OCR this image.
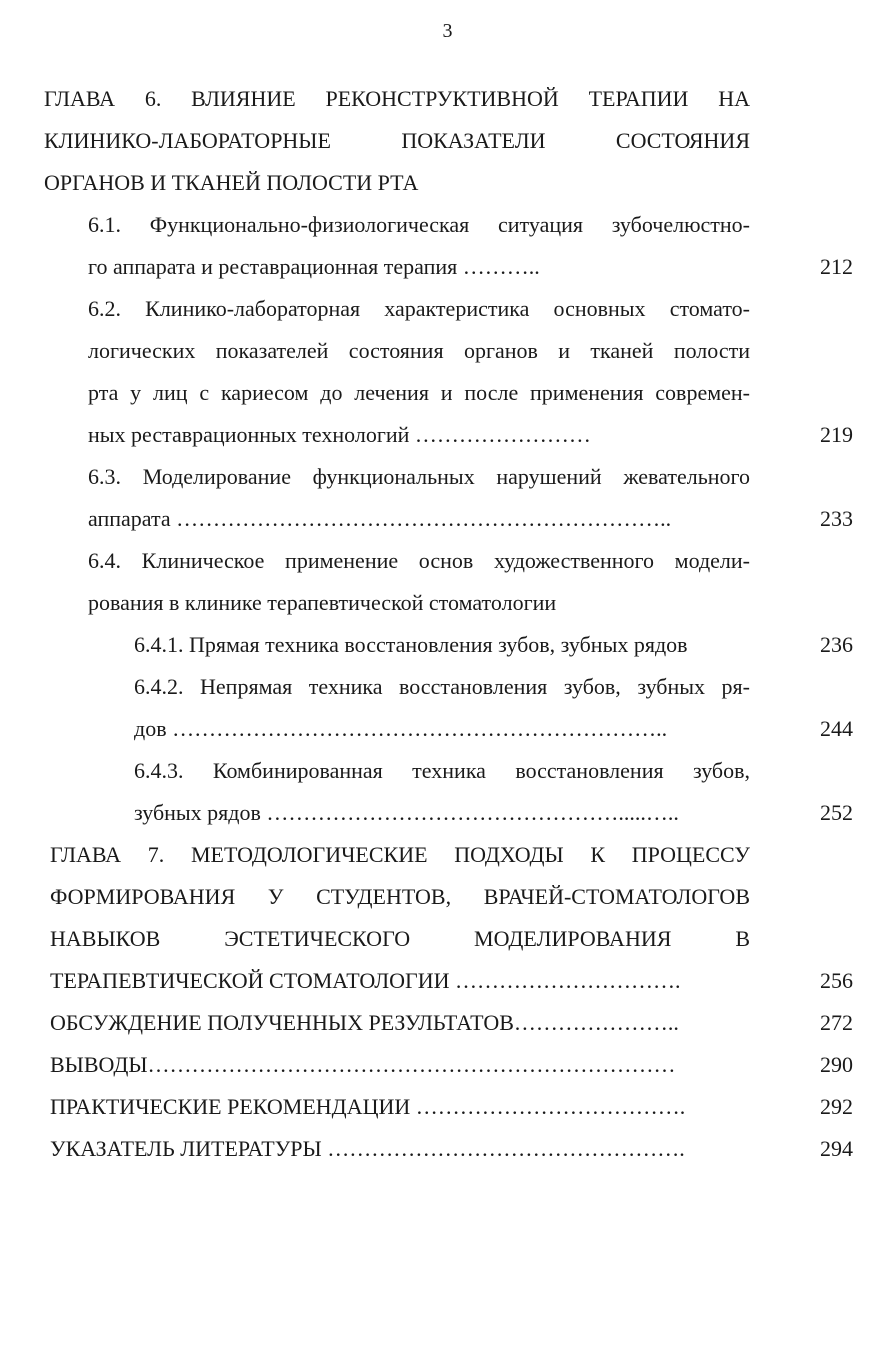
3
ГЛАВА 6. ВЛИЯНИЕ РЕКОНСТРУКТИВНОЙ ТЕРАПИИ НА
КЛИНИКО-ЛАБОРАТОРНЫЕ ПОКАЗАТЕЛИ СОСТОЯНИЯ
ОРГАНОВ И ТКАНЕЙ ПОЛОСТИ РТА
6.1. Функционально-физиологическая ситуация зубочелюстно-
го аппарата и реставрационная терапия ………..	212
6.2. Клинико-лабораторная характеристика основных стомато-
логических показателей состояния органов и тканей полости
рта у лиц с кариесом до лечения и после применения современ-
ных реставрационных технологий ……………………	219
6.3. Моделирование функциональных нарушений жевательного
аппарата …………………………………………………………..	233
6.4. Клиническое применение основ художественного модели-
рования в клинике терапевтической стоматологии
6.4.1. Прямая техника восстановления зубов, зубных рядов	236
6.4.2. Непрямая техника восстановления зубов, зубных ря-
дов …………………………………………………………..	244
6.4.3. Комбинированная техника восстановления зубов,
зубных рядов ………………………………………….....…..	252
ГЛАВА 7. МЕТОДОЛОГИЧЕСКИЕ ПОДХОДЫ К ПРОЦЕССУ
ФОРМИРОВАНИЯ У СТУДЕНТОВ, ВРАЧЕЙ-СТОМАТОЛОГОВ
НАВЫКОВ ЭСТЕТИЧЕСКОГО МОДЕЛИРОВАНИЯ В
ТЕРАПЕВТИЧЕСКОЙ СТОМАТОЛОГИИ ………………………….	256
ОБСУЖДЕНИЕ ПОЛУЧЕННЫХ РЕЗУЛЬТАТОВ…………………..	272
ВЫВОДЫ………………………………………………………………	290
ПРАКТИЧЕСКИЕ РЕКОМЕНДАЦИИ ……………………………….	292
УКАЗАТЕЛЬ ЛИТЕРАТУРЫ ………………………………………….	294
